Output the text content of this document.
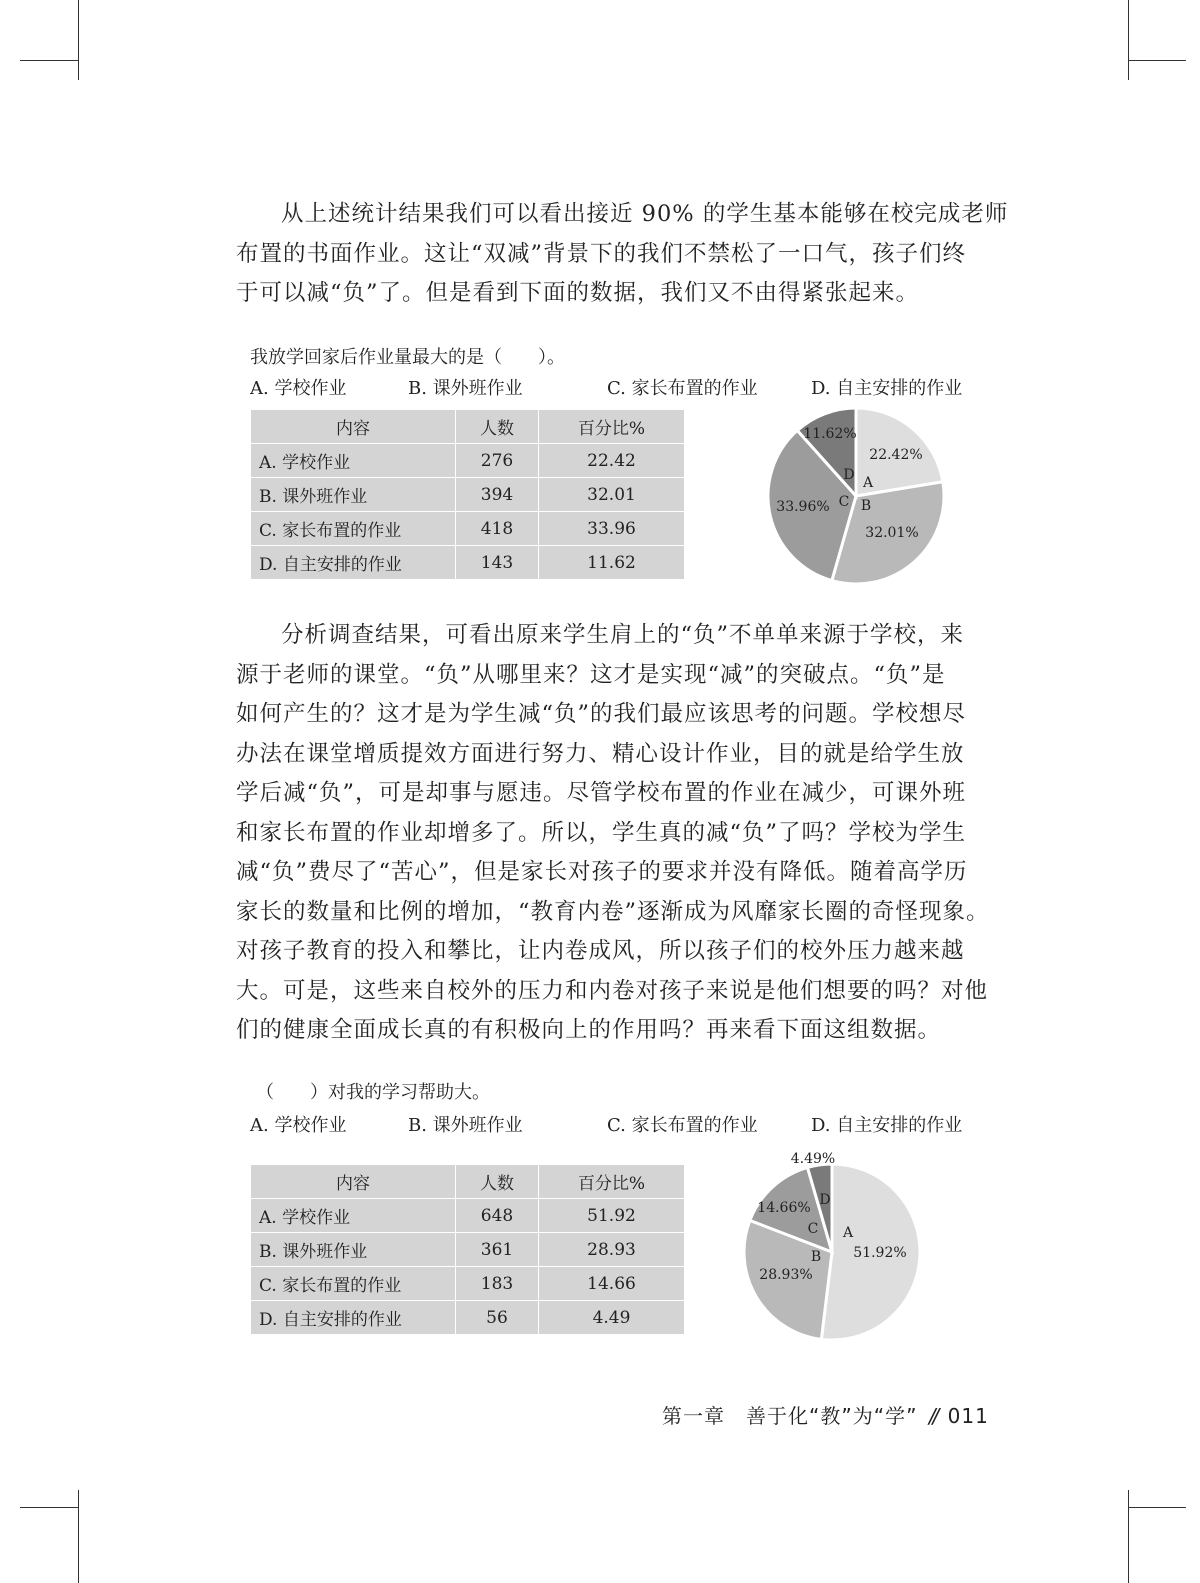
从上述统计结果我们可以看出接近 90% 的学生基本能够在校完成老师
布置的书面作业。这让“双减”背景下的我们不禁松了一口气，孩子们终
于可以减“负”了。但是看到下面的数据，我们又不由得紧张起来。
我放学回家后作业量最大的是（　　）。
A. 学校作业	B. 课外班作业	C. 家长布置的作业	D. 自主安排的作业
内容	人数	百分比%
A. 学校作业	276	22.42
B. 课外班作业	394	32.01
C. 家长布置的作业	418	33.96
D. 自主安排的作业	143	11.62
22.42%
32.01%
33.96%
11.62%
A
B
C
D
分析调查结果，可看出原来学生肩上的“负”不单单来源于学校，来
源于老师的课堂。“负”从哪里来？这才是实现“减”的突破点。“负”是
如何产生的？这才是为学生减“负”的我们最应该思考的问题。学校想尽
办法在课堂增质提效方面进行努力、精心设计作业，目的就是给学生放
学后减“负”，可是却事与愿违。尽管学校布置的作业在减少，可课外班
和家长布置的作业却增多了。所以，学生真的减“负”了吗？学校为学生
减“负”费尽了“苦心”，但是家长对孩子的要求并没有降低。随着高学历
家长的数量和比例的增加，“教育内卷”逐渐成为风靡家长圈的奇怪现象。
对孩子教育的投入和攀比，让内卷成风，所以孩子们的校外压力越来越
大。可是，这些来自校外的压力和内卷对孩子来说是他们想要的吗？对他
们的健康全面成长真的有积极向上的作用吗？再来看下面这组数据。
（　　）对我的学习帮助大。
A. 学校作业	B. 课外班作业	C. 家长布置的作业	D. 自主安排的作业
内容	人数	百分比%
A. 学校作业	648	51.92
B. 课外班作业	361	28.93
C. 家长布置的作业	183	14.66
D. 自主安排的作业	56	4.49
51.92%
28.93%
14.66%
4.49%
A
B
C
D
第一章　善于化“教”为“学” // 011
